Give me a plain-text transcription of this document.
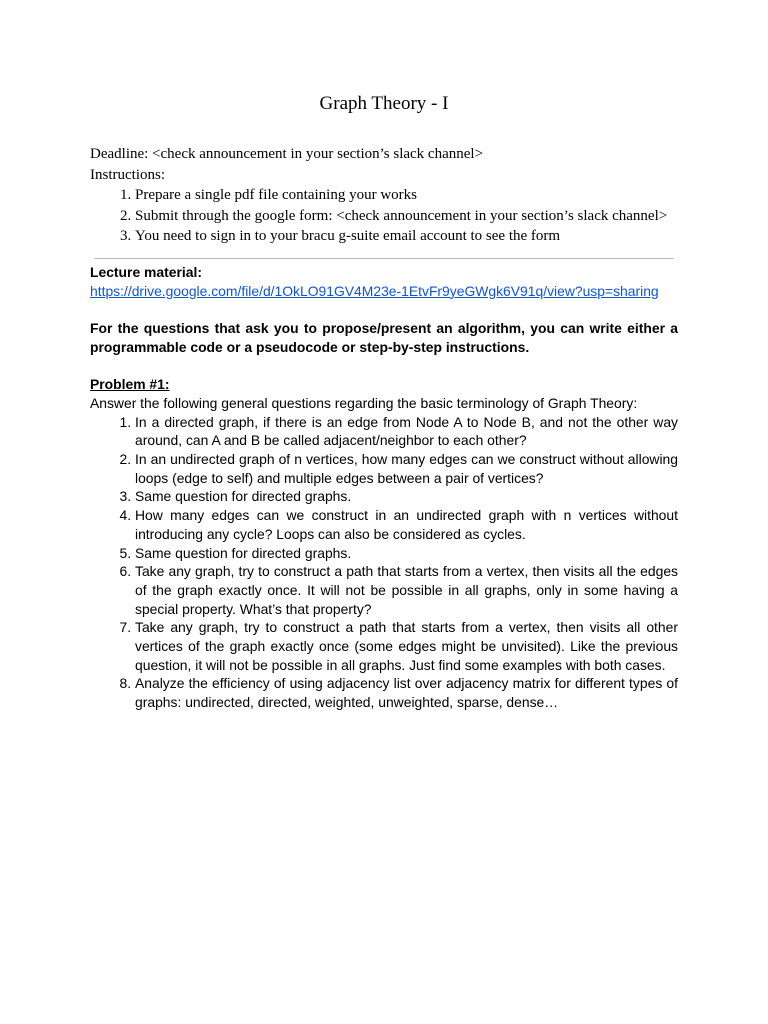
Graph Theory - I

Deadline: <check announcement in your section’s slack channel>

Instructions:

1. Prepare a single pdf file containing your works
2. Submit through the google form: <check announcement in your section’s slack channel>
3. You need to sign in to your bracu g-suite email account to see the form

Lecture material:

https://drive.google.com/file/d/1OkLO91GV4M23e-1EtvFr9yeGWgk6V91q/view?usp=sharing

For the questions that ask you to propose/present an algorithm, you can write either a programmable code or a pseudocode or step-by-step instructions.

Problem #1:

Answer the following general questions regarding the basic terminology of Graph Theory:

1. In a directed graph, if there is an edge from Node A to Node B, and not the other way around, can A and B be called adjacent/neighbor to each other?
2. In an undirected graph of n vertices, how many edges can we construct without allowing loops (edge to self) and multiple edges between a pair of vertices?
3. Same question for directed graphs.
4. How many edges can we construct in an undirected graph with n vertices without introducing any cycle? Loops can also be considered as cycles.
5. Same question for directed graphs.
6. Take any graph, try to construct a path that starts from a vertex, then visits all the edges of the graph exactly once. It will not be possible in all graphs, only in some having a special property. What’s that property?
7. Take any graph, try to construct a path that starts from a vertex, then visits all other vertices of the graph exactly once (some edges might be unvisited). Like the previous question, it will not be possible in all graphs. Just find some examples with both cases.
8. Analyze the efficiency of using adjacency list over adjacency matrix for different types of graphs: undirected, directed, weighted, unweighted, sparse, dense…
